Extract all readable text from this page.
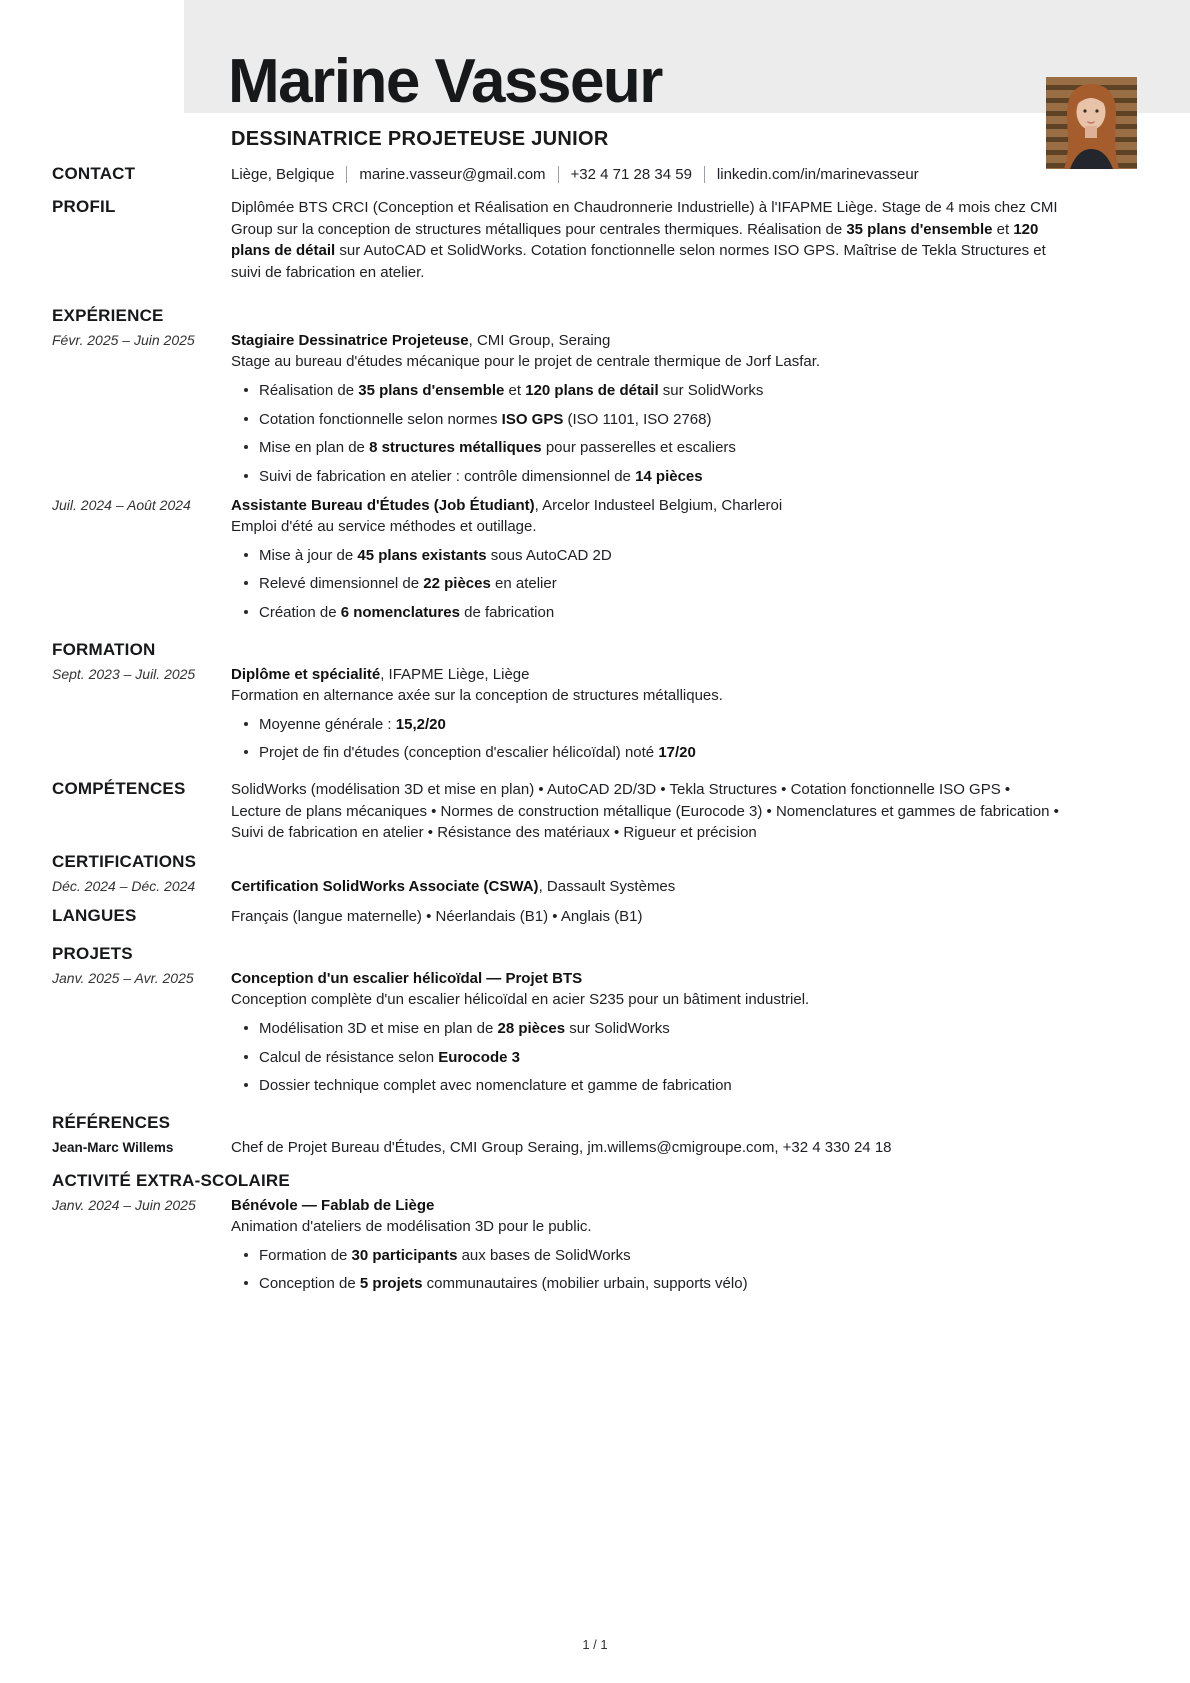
Marine Vasseur
DESSINATRICE PROJETEUSE JUNIOR
CONTACT	Liège, Belgique marine.vasseur@gmail.com +32 4 71 28 34 59 linkedin.com/in/marinevasseur
PROFIL	Diplômée BTS CRCI (Conception et Réalisation en Chaudronnerie Industrielle) à l'IFAPME Liège. Stage de 4 mois chez CMI Group sur la conception de structures métalliques pour centrales thermiques. Réalisation de 35 plans d'ensemble et 120 plans de détail sur AutoCAD et SolidWorks. Cotation fonctionnelle selon normes ISO GPS. Maîtrise de Tekla Structures et suivi de fabrication en atelier.
EXPÉRIENCE
Févr. 2025 – Juin 2025	Stagiaire Dessinatrice Projeteuse, CMI Group, Seraing
Stage au bureau d'études mécanique pour le projet de centrale thermique de Jorf Lasfar.
Réalisation de 35 plans d'ensemble et 120 plans de détail sur SolidWorks
Cotation fonctionnelle selon normes ISO GPS (ISO 1101, ISO 2768)
Mise en plan de 8 structures métalliques pour passerelles et escaliers
Suivi de fabrication en atelier : contrôle dimensionnel de 14 pièces
Juil. 2024 – Août 2024	Assistante Bureau d'Études (Job Étudiant), Arcelor Industeel Belgium, Charleroi
Emploi d'été au service méthodes et outillage.
Mise à jour de 45 plans existants sous AutoCAD 2D
Relevé dimensionnel de 22 pièces en atelier
Création de 6 nomenclatures de fabrication
FORMATION
Sept. 2023 – Juil. 2025	Diplôme et spécialité, IFAPME Liège, Liège
Formation en alternance axée sur la conception de structures métalliques.
Moyenne générale : 15,2/20
Projet de fin d'études (conception d'escalier hélicoïdal) noté 17/20
COMPÉTENCES	SolidWorks (modélisation 3D et mise en plan) • AutoCAD 2D/3D • Tekla Structures • Cotation fonctionnelle ISO GPS • Lecture de plans mécaniques • Normes de construction métallique (Eurocode 3) • Nomenclatures et gammes de fabrication • Suivi de fabrication en atelier • Résistance des matériaux • Rigueur et précision
CERTIFICATIONS
Déc. 2024 – Déc. 2024	Certification SolidWorks Associate (CSWA), Dassault Systèmes
LANGUES	Français (langue maternelle) • Néerlandais (B1) • Anglais (B1)
PROJETS
Janv. 2025 – Avr. 2025	Conception d'un escalier hélicoïdal — Projet BTS
Conception complète d'un escalier hélicoïdal en acier S235 pour un bâtiment industriel.
Modélisation 3D et mise en plan de 28 pièces sur SolidWorks
Calcul de résistance selon Eurocode 3
Dossier technique complet avec nomenclature et gamme de fabrication
RÉFÉRENCES
Jean-Marc Willems	Chef de Projet Bureau d'Études, CMI Group Seraing, jm.willems@cmigroupe.com, +32 4 330 24 18
ACTIVITÉ EXTRA-SCOLAIRE
Janv. 2024 – Juin 2025	Bénévole — Fablab de Liège
Animation d'ateliers de modélisation 3D pour le public.
Formation de 30 participants aux bases de SolidWorks
Conception de 5 projets communautaires (mobilier urbain, supports vélo)
1 / 1
